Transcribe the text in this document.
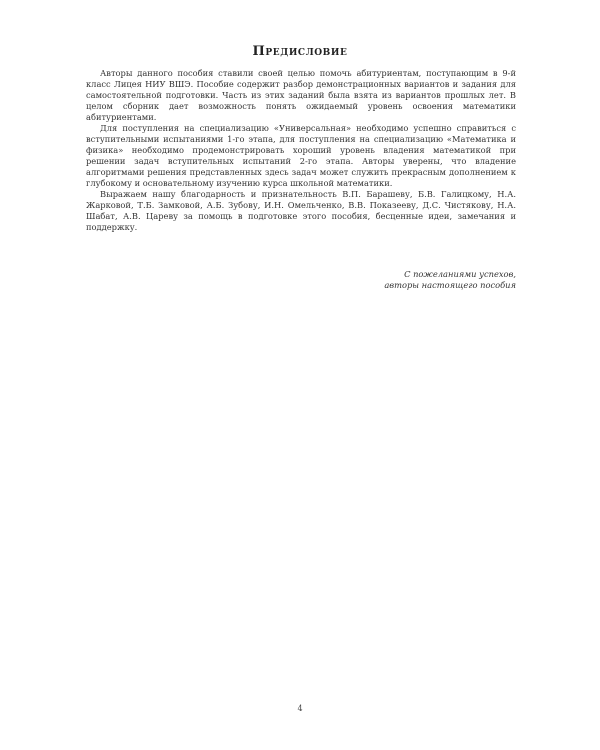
Предисловие

Авторы данного пособия ставили своей целью помочь абитуриентам, поступающим в 9-й класс Лицея НИУ ВШЭ. Пособие содержит разбор демонстрационных вариантов и задания для самостоятельной подготовки. Часть из этих заданий была взята из вариантов прошлых лет. В целом сборник дает возможность понять ожидаемый уровень освоения математики абитуриентами.

Для поступления на специализацию «Универсальная» необходимо успешно справиться с вступительными испытаниями 1-го этапа, для поступления на специализацию «Математика и физика» необходимо продемонстрировать хороший уровень владения математикой при решении задач вступительных испытаний 2-го этапа. Авторы уверены, что владение алгоритмами решения представленных здесь задач может служить прекрасным дополнением к глубокому и основательному изучению курса школьной математики.

Выражаем нашу благодарность и признательность В.П. Барашеву, Б.В. Галицкому, Н.А. Жарковой, Т.Б. Замковой, А.Б. Зубову, И.Н. Омельченко, В.В. Показееву, Д.С. Чистякову, Н.А. Шабат, А.В. Цареву за помощь в подготовке этого пособия, бесценные идеи, замечания и поддержку.

С пожеланиями успехов,
авторы настоящего пособия
4
